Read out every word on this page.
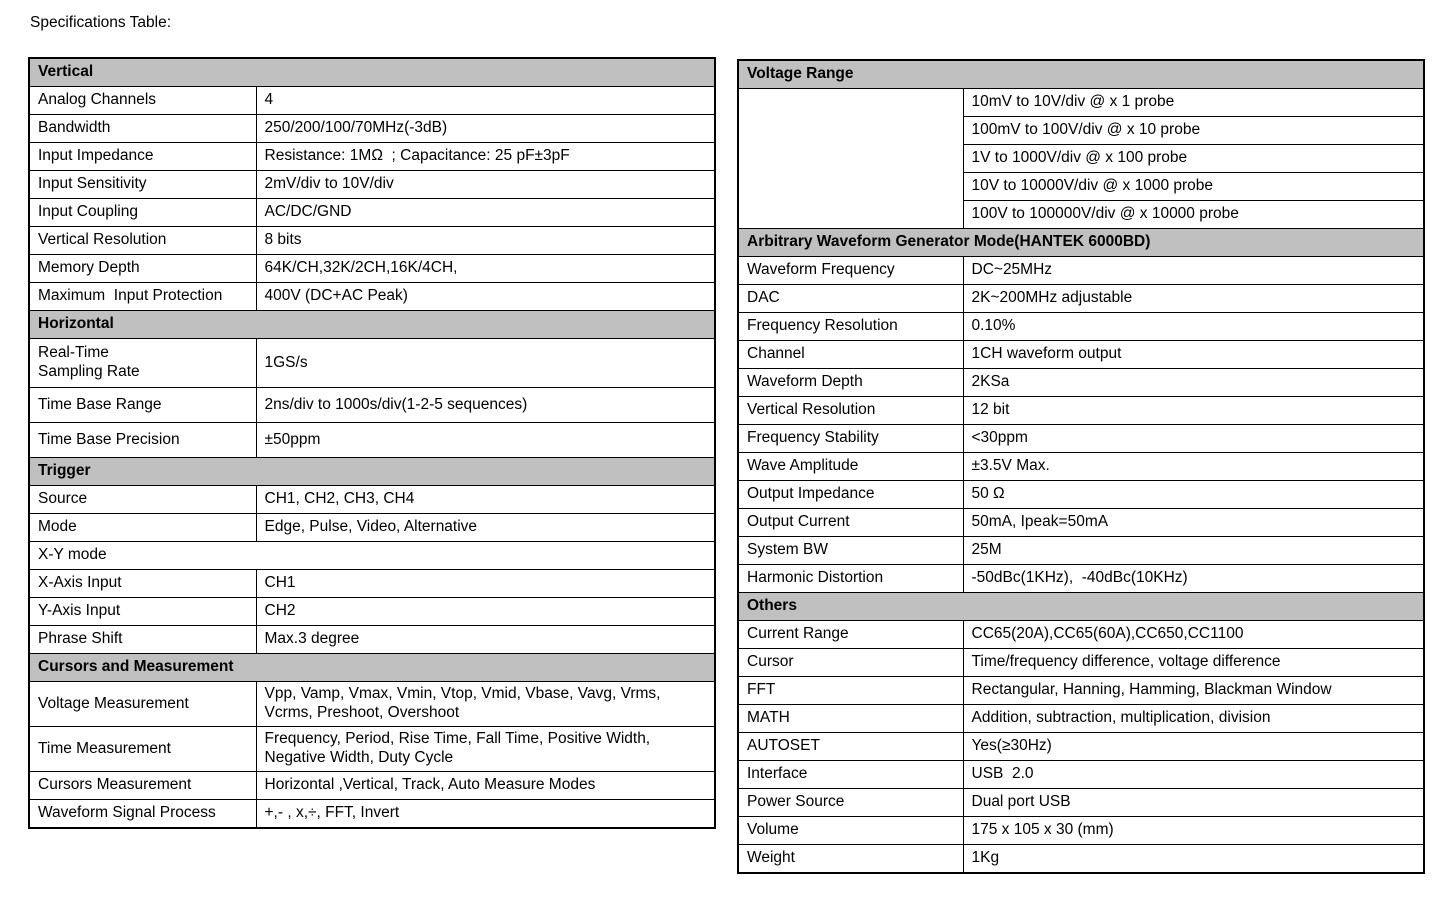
Specifications Table:
Vertical	
Analog Channels	4
Bandwidth	250/200/100/70MHz(-3dB)
Input Impedance	Resistance: 1MΩ  ; Capacitance: 25 pF±3pF
Input Sensitivity	2mV/div to 10V/div
Input Coupling	AC/DC/GND
Vertical Resolution	8 bits
Memory Depth	64K/CH,32K/2CH,16K/4CH,
Maximum  Input Protection	400V (DC+AC Peak)
Horizontal	
Real-Time
Sampling Rate	1GS/s
Time Base Range	2ns/div to 1000s/div(1-2-5 sequences)
Time Base Precision	±50ppm
Trigger	
Source	CH1, CH2, CH3, CH4
Mode	Edge, Pulse, Video, Alternative
X-Y mode	
X-Axis Input	CH1
Y-Axis Input	CH2
Phrase Shift	Max.3 degree
Cursors and Measurement	
Voltage Measurement	Vpp, Vamp, Vmax, Vmin, Vtop, Vmid, Vbase, Vavg, Vrms, Vcrms, Preshoot, Overshoot
Time Measurement	Frequency, Period, Rise Time, Fall Time, Positive Width, Negative Width, Duty Cycle
Cursors Measurement	Horizontal ,Vertical, Track, Auto Measure Modes
Waveform Signal Process	+,- , x,÷, FFT, Invert
Voltage Range	
	10mV to 10V/div @ x 1 probe
	100mV to 100V/div @ x 10 probe
	1V to 1000V/div @ x 100 probe
	10V to 10000V/div @ x 1000 probe
	100V to 100000V/div @ x 10000 probe
Arbitrary Waveform Generator Mode(HANTEK 6000BD)	
Waveform Frequency	DC~25MHz
DAC	2K~200MHz adjustable
Frequency Resolution	0.10%
Channel	1CH waveform output
Waveform Depth	2KSa
Vertical Resolution	12 bit
Frequency Stability	<30ppm
Wave Amplitude	±3.5V Max.
Output Impedance	50 Ω
Output Current	50mA, Ipeak=50mA
System BW	25M
Harmonic Distortion	-50dBc(1KHz),  -40dBc(10KHz)
Others	
Current Range	CC65(20A),CC65(60A),CC650,CC1100
Cursor	Time/frequency difference, voltage difference
FFT	Rectangular, Hanning, Hamming, Blackman Window
MATH	Addition, subtraction, multiplication, division
AUTOSET	Yes(≥30Hz)
Interface	USB  2.0
Power Source	Dual port USB
Volume	175 x 105 x 30 (mm)
Weight	1Kg
